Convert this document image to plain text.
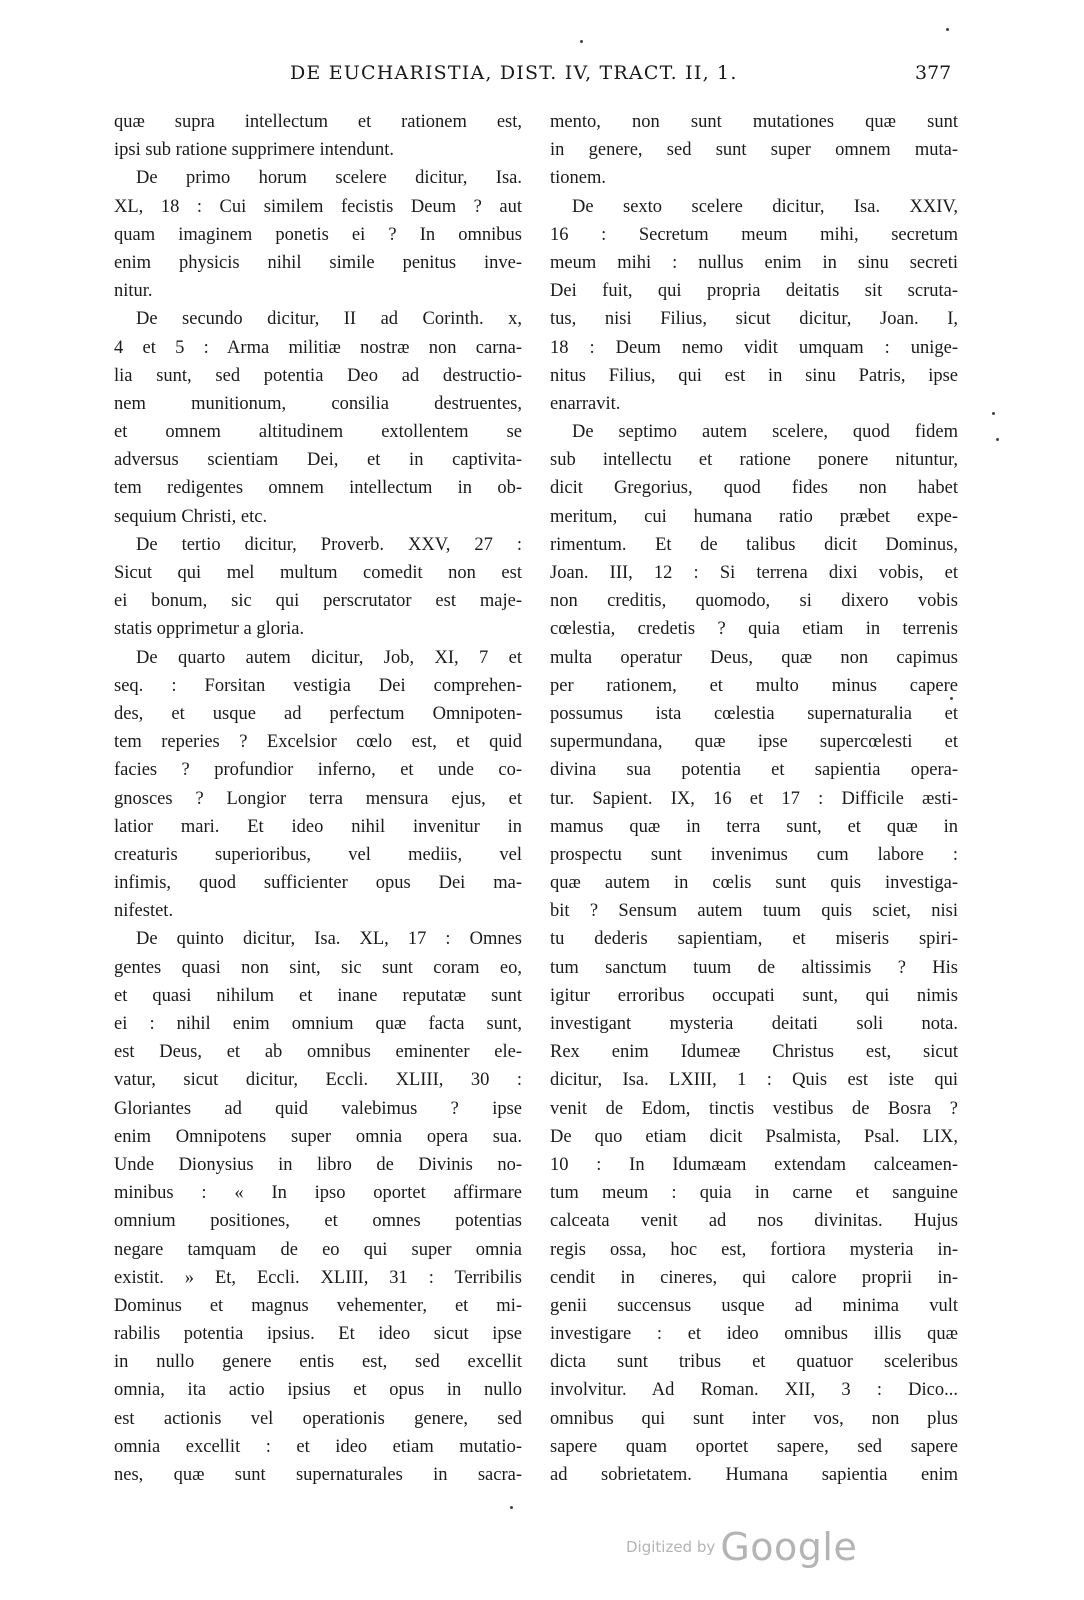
DE EUCHARISTIA, DIST. IV, TRACT. II, 1.	377
quæ supra intellectum et rationem est,
ipsi sub ratione supprimere intendunt.
De primo horum scelere dicitur, Isa.
XL, 18 : Cui similem fecistis Deum ? aut
quam imaginem ponetis ei ? In omnibus
enim physicis nihil simile penitus inve-
nitur.
De secundo dicitur, II ad Corinth. x,
4 et 5 : Arma militiæ nostræ non carna-
lia sunt, sed potentia Deo ad destructio-
nem munitionum, consilia destruentes,
et omnem altitudinem extollentem se
adversus scientiam Dei, et in captivita-
tem redigentes omnem intellectum in ob-
sequium Christi, etc.
De tertio dicitur, Proverb. XXV, 27 :
Sicut qui mel multum comedit non est
ei bonum, sic qui perscrutator est maje-
statis opprimetur a gloria.
De quarto autem dicitur, Job, XI, 7 et
seq. : Forsitan vestigia Dei comprehen-
des, et usque ad perfectum Omnipoten-
tem reperies ? Excelsior cœlo est, et quid
facies ? profundior inferno, et unde co-
gnosces ? Longior terra mensura ejus, et
latior mari. Et ideo nihil invenitur in
creaturis superioribus, vel mediis, vel
infimis, quod sufficienter opus Dei ma-
nifestet.
De quinto dicitur, Isa. XL, 17 : Omnes
gentes quasi non sint, sic sunt coram eo,
et quasi nihilum et inane reputatæ sunt
ei : nihil enim omnium quæ facta sunt,
est Deus, et ab omnibus eminenter ele-
vatur, sicut dicitur, Eccli. XLIII, 30 :
Gloriantes ad quid valebimus ? ipse
enim Omnipotens super omnia opera sua.
Unde Dionysius in libro de Divinis no-
minibus : « In ipso oportet affirmare
omnium positiones, et omnes potentias
negare tamquam de eo qui super omnia
existit. » Et, Eccli. XLIII, 31 : Terribilis
Dominus et magnus vehementer, et mi-
rabilis potentia ipsius. Et ideo sicut ipse
in nullo genere entis est, sed excellit
omnia, ita actio ipsius et opus in nullo
est actionis vel operationis genere, sed
omnia excellit : et ideo etiam mutatio-
nes, quæ sunt supernaturales in sacra-
mento, non sunt mutationes quæ sunt
in genere, sed sunt super omnem muta-
tionem.
De sexto scelere dicitur, Isa. XXIV,
16 : Secretum meum mihi, secretum
meum mihi : nullus enim in sinu secreti
Dei fuit, qui propria deitatis sit scruta-
tus, nisi Filius, sicut dicitur, Joan. I,
18 : Deum nemo vidit umquam : unige-
nitus Filius, qui est in sinu Patris, ipse
enarravit.
De septimo autem scelere, quod fidem
sub intellectu et ratione ponere nituntur,
dicit Gregorius, quod fides non habet
meritum, cui humana ratio præbet expe-
rimentum. Et de talibus dicit Dominus,
Joan. III, 12 : Si terrena dixi vobis, et
non creditis, quomodo, si dixero vobis
cœlestia, credetis ? quia etiam in terrenis
multa operatur Deus, quæ non capimus
per rationem, et multo minus capere
possumus ista cœlestia supernaturalia et
supermundana, quæ ipse supercœlesti et
divina sua potentia et sapientia opera-
tur. Sapient. IX, 16 et 17 : Difficile æsti-
mamus quæ in terra sunt, et quæ in
prospectu sunt invenimus cum labore :
quæ autem in cœlis sunt quis investiga-
bit ? Sensum autem tuum quis sciet, nisi
tu dederis sapientiam, et miseris spiri-
tum sanctum tuum de altissimis ? His
igitur erroribus occupati sunt, qui nimis
investigant mysteria deitati soli nota.
Rex enim Idumeæ Christus est, sicut
dicitur, Isa. LXIII, 1 : Quis est iste qui
venit de Edom, tinctis vestibus de Bosra ?
De quo etiam dicit Psalmista, Psal. LIX,
10 : In Idumæam extendam calceamen-
tum meum : quia in carne et sanguine
calceata venit ad nos divinitas. Hujus
regis ossa, hoc est, fortiora mysteria in-
cendit in cineres, qui calore proprii in-
genii succensus usque ad minima vult
investigare : et ideo omnibus illis quæ
dicta sunt tribus et quatuor sceleribus
involvitur. Ad Roman. XII, 3 : Dico...
omnibus qui sunt inter vos, non plus
sapere quam oportet sapere, sed sapere
ad sobrietatem. Humana sapientia enim
Digitized by Google
